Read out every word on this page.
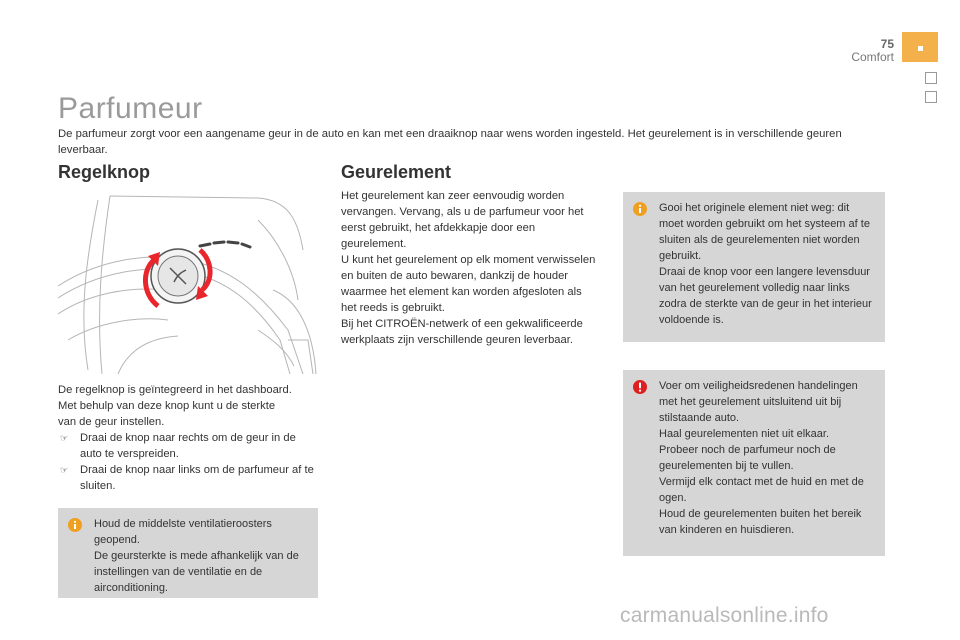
75
Comfort
Parfumeur

De parfumeur zorgt voor een aangename geur in de auto en kan met een draaiknop naar wens worden ingesteld. Het geurelement is in verschillende geuren leverbaar.

Regelknop
De regelknop is geïntegreerd in het dashboard.
Met behulp van deze knop kunt u de sterkte
van de geur instellen.
☞ Draai de knop naar rechts om de geur in de auto te verspreiden.
☞ Draai de knop naar links om de parfumeur af te sluiten.
Houd de middelste ventilatieroosters geopend.
De geursterkte is mede afhankelijk van de instellingen van de ventilatie en de airconditioning.
Geurelement
Het geurelement kan zeer eenvoudig worden vervangen. Vervang, als u de parfumeur voor het eerst gebruikt, het afdekkapje door een geurelement.
U kunt het geurelement op elk moment verwisselen en buiten de auto bewaren, dankzij de houder waarmee het element kan worden afgesloten als het reeds is gebruikt.
Bij het CITROËN-netwerk of een gekwalificeerde werkplaats zijn verschillende geuren leverbaar.
Gooi het originele element niet weg: dit moet worden gebruikt om het systeem af te sluiten als de geurelementen niet worden gebruikt.
Draai de knop voor een langere levensduur van het geurelement volledig naar links zodra de sterkte van de geur in het interieur voldoende is.
Voer om veiligheidsredenen handelingen met het geurelement uitsluitend uit bij stilstaande auto.
Haal geurelementen niet uit elkaar.
Probeer noch de parfumeur noch de geurelementen bij te vullen.
Vermijd elk contact met de huid en met de ogen.
Houd de geurelementen buiten het bereik van kinderen en huisdieren.
carmanualsonline.info
